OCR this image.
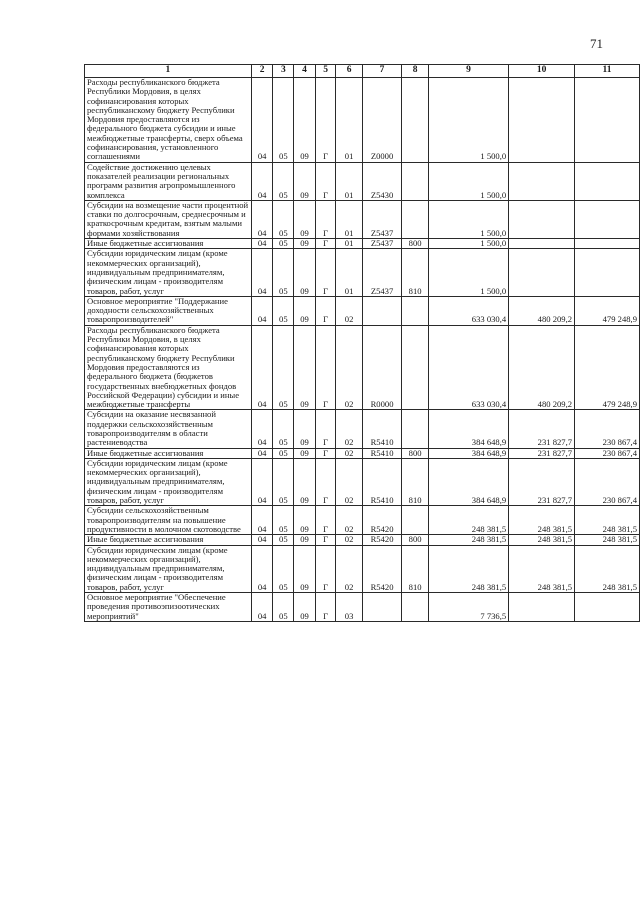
71
1	2	3	4	5	6	7	8	9	10	11
Расходы республиканского бюджета Республики Мордовия, в целях софинансирования которых республиканскому бюджету Республики Мордовия предоставляются из федерального бюджета субсидии и иные межбюджетные трансферты, сверх объема софинансирования, установленного соглашениями	04	05	09	Г	01	Z0000		1 500,0		
Содействие достижению целевых показателей реализации региональных программ развития агропромышленного комплекса	04	05	09	Г	01	Z5430		1 500,0		
Субсидии на возмещение части процентной ставки по долгосрочным, среднесрочным и краткосрочным кредитам, взятым малыми формами хозяйствования	04	05	09	Г	01	Z5437		1 500,0		
Иные бюджетные ассигнования	04	05	09	Г	01	Z5437	800	1 500,0		
Субсидии юридическим лицам (кроме некоммерческих организаций), индивидуальным предпринимателям, физическим лицам - производителям товаров, работ, услуг	04	05	09	Г	01	Z5437	810	1 500,0		
Основное мероприятие "Поддержание доходности сельскохозяйственных товаропроизводителей"	04	05	09	Г	02			633 030,4	480 209,2	479 248,9
Расходы республиканского бюджета Республики Мордовия, в целях софинансирования которых республиканскому бюджету Республики Мордовия предоставляются из федерального бюджета (бюджетов государственных внебюджетных фондов Российской Федерации) субсидии и иные межбюджетные трансферты	04	05	09	Г	02	R0000		633 030,4	480 209,2	479 248,9
Субсидии на оказание несвязанной поддержки сельскохозяйственным товаропроизводителям в области растениеводства	04	05	09	Г	02	R5410		384 648,9	231 827,7	230 867,4
Иные бюджетные ассигнования	04	05	09	Г	02	R5410	800	384 648,9	231 827,7	230 867,4
Субсидии юридическим лицам (кроме некоммерческих организаций), индивидуальным предпринимателям, физическим лицам - производителям товаров, работ, услуг	04	05	09	Г	02	R5410	810	384 648,9	231 827,7	230 867,4
Субсидии сельскохозяйственным товаропроизводителям на повышение продуктивности в молочном скотоводстве	04	05	09	Г	02	R5420		248 381,5	248 381,5	248 381,5
Иные бюджетные ассигнования	04	05	09	Г	02	R5420	800	248 381,5	248 381,5	248 381,5
Субсидии юридическим лицам (кроме некоммерческих организаций), индивидуальным предпринимателям, физическим лицам - производителям товаров, работ, услуг	04	05	09	Г	02	R5420	810	248 381,5	248 381,5	248 381,5
Основное мероприятие "Обеспечение проведения противоэпизоотических мероприятий"	04	05	09	Г	03			7 736,5		
